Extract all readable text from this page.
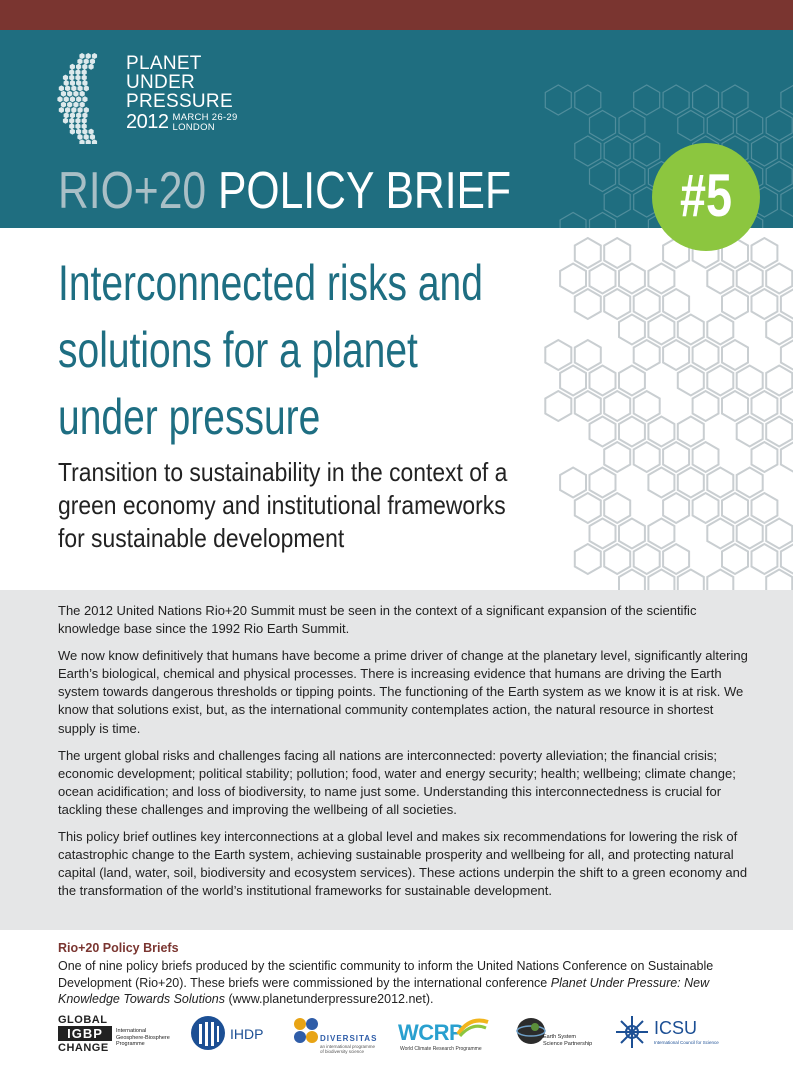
PLANET
UNDER
PRESSURE
2012 MARCH 26-29
LONDON
RIO+20 POLICY BRIEF	#5
Interconnected risks and
solutions for a planet
under pressure
Transition to sustainability in the context of a
green economy and institutional frameworks
for sustainable development

The 2012 United Nations Rio+20 Summit must be seen in the context of a significant expansion of the scientific knowledge base since the 1992 Rio Earth Summit.

We now know definitively that humans have become a prime driver of change at the planetary level, significantly altering Earth’s biological, chemical and physical processes. There is increasing evidence that humans are driving the Earth system towards dangerous thresholds or tipping points. The functioning of the Earth system as we know it is at risk. We know that solutions exist, but, as the international community contemplates action, the natural resource in shortest supply is time.

The urgent global risks and challenges facing all nations are interconnected: poverty alleviation; the financial crisis; economic development; political stability; pollution; food, water and energy security; health; wellbeing; climate change; ocean acidification; and loss of biodiversity, to name just some. Understanding this interconnectedness is crucial for tackling these challenges and improving the wellbeing of all societies.

This policy brief outlines key interconnections at a global level and makes six recommendations for lowering the risk of catastrophic change to the Earth system, achieving sustainable prosperity and wellbeing for all, and protecting natural capital (land, water, soil, biodiversity and ecosystem services). These actions underpin the shift to a green economy and the transformation of the world’s institutional frameworks for sustainable development.

Rio+20 Policy Briefs
One of nine policy briefs produced by the scientific community to inform the United Nations Conference on Sustainable Development (Rio+20). These briefs were commissioned by the international conference Planet Under Pressure: New Knowledge Towards Solutions (www.planetunderpressure2012.net).
GLOBAL
IGBP
CHANGE
International
Geosphere-Biosphere
Programme
IHDP	DIVERSITAS
an international programme
of biodiversity science
WCRP
World Climate Research Programme
Earth System
Science Partnership
ICSU
International Council for Science
